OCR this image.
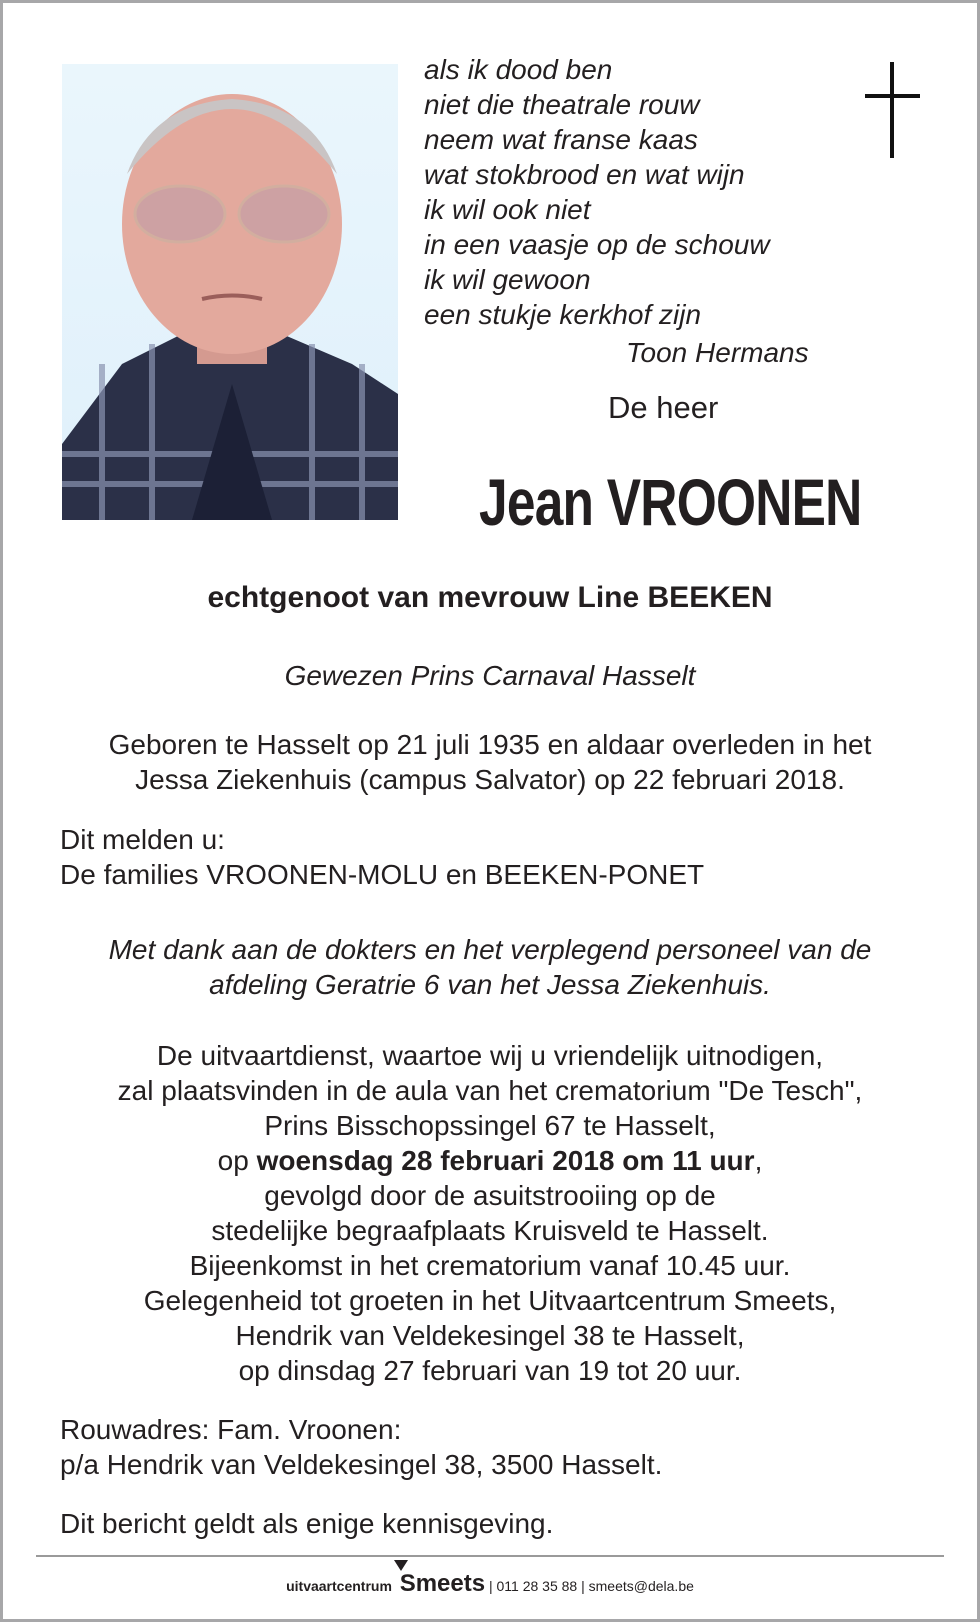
als ik dood ben
niet die theatrale rouw
neem wat franse kaas
wat stokbrood en wat wijn
ik wil ook niet
in een vaasje op de schouw
ik wil gewoon
een stukje kerkhof zijn
Toon Hermans
De heer
Jean VROONEN
echtgenoot van mevrouw Line BEEKEN
Gewezen Prins Carnaval Hasselt
Geboren te Hasselt op 21 juli 1935 en aldaar overleden in het
Jessa Ziekenhuis (campus Salvator) op 22 februari 2018.
Dit melden u:
De families VROONEN-MOLU en BEEKEN-PONET
Met dank aan de dokters en het verplegend personeel van de
afdeling Geratrie 6 van het Jessa Ziekenhuis.
De uitvaartdienst, waartoe wij u vriendelijk uitnodigen,
zal plaatsvinden in de aula van het crematorium "De Tesch",
Prins Bisschopssingel 67 te Hasselt,
op woensdag 28 februari 2018 om 11 uur,
gevolgd door de asuitstrooiing op de
stedelijke begraafplaats Kruisveld te Hasselt.
Bijeenkomst in het crematorium vanaf 10.45 uur.
Gelegenheid tot groeten in het Uitvaartcentrum Smeets,
Hendrik van Veldekesingel 38 te Hasselt,
op dinsdag 27 februari van 19 tot 20 uur.
Rouwadres: Fam. Vroonen:
p/a Hendrik van Veldekesingel 38, 3500 Hasselt.
Dit bericht geldt als enige kennisgeving.
uitvaartcentrum Smeets | 011 28 35 88 | smeets@dela.be
